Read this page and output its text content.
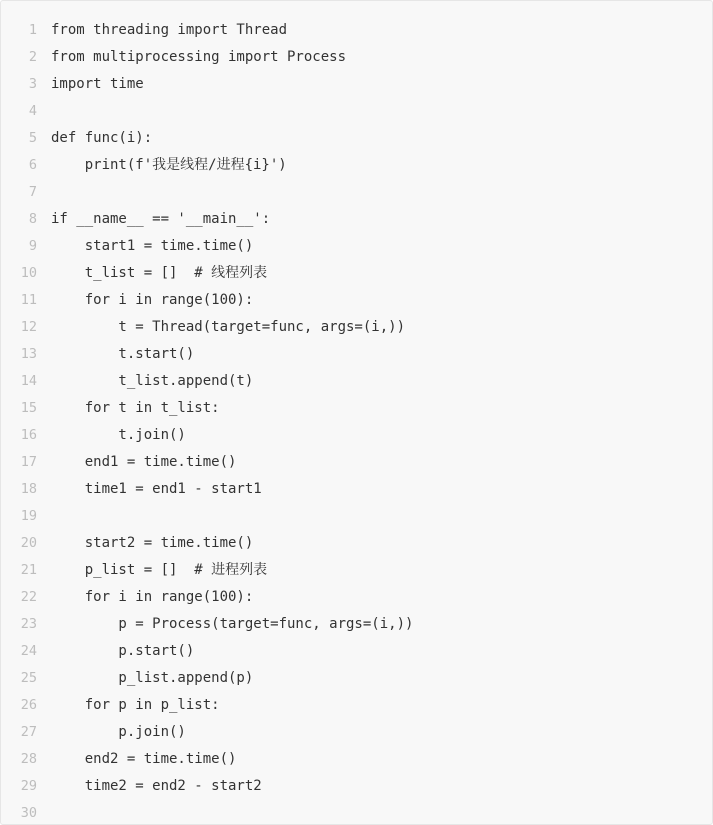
1 from threading import Thread
2 from multiprocessing import Process
3 import time
4
5 def func(i):
6    print(f'我是线程/进程{i}')
7
8 if __name__ == '__main__':
9    start1 = time.time()
10    t_list = []  # 线程列表
11    for i in range(100):
12        t = Thread(target=func, args=(i,))
13        t.start()
14        t_list.append(t)
15    for t in t_list:
16        t.join()
17    end1 = time.time()
18    time1 = end1 - start1
19
20    start2 = time.time()
21    p_list = []  # 进程列表
22    for i in range(100):
23        p = Process(target=func, args=(i,))
24        p.start()
25        p_list.append(p)
26    for p in p_list:
27        p.join()
28    end2 = time.time()
29    time2 = end2 - start2
30
